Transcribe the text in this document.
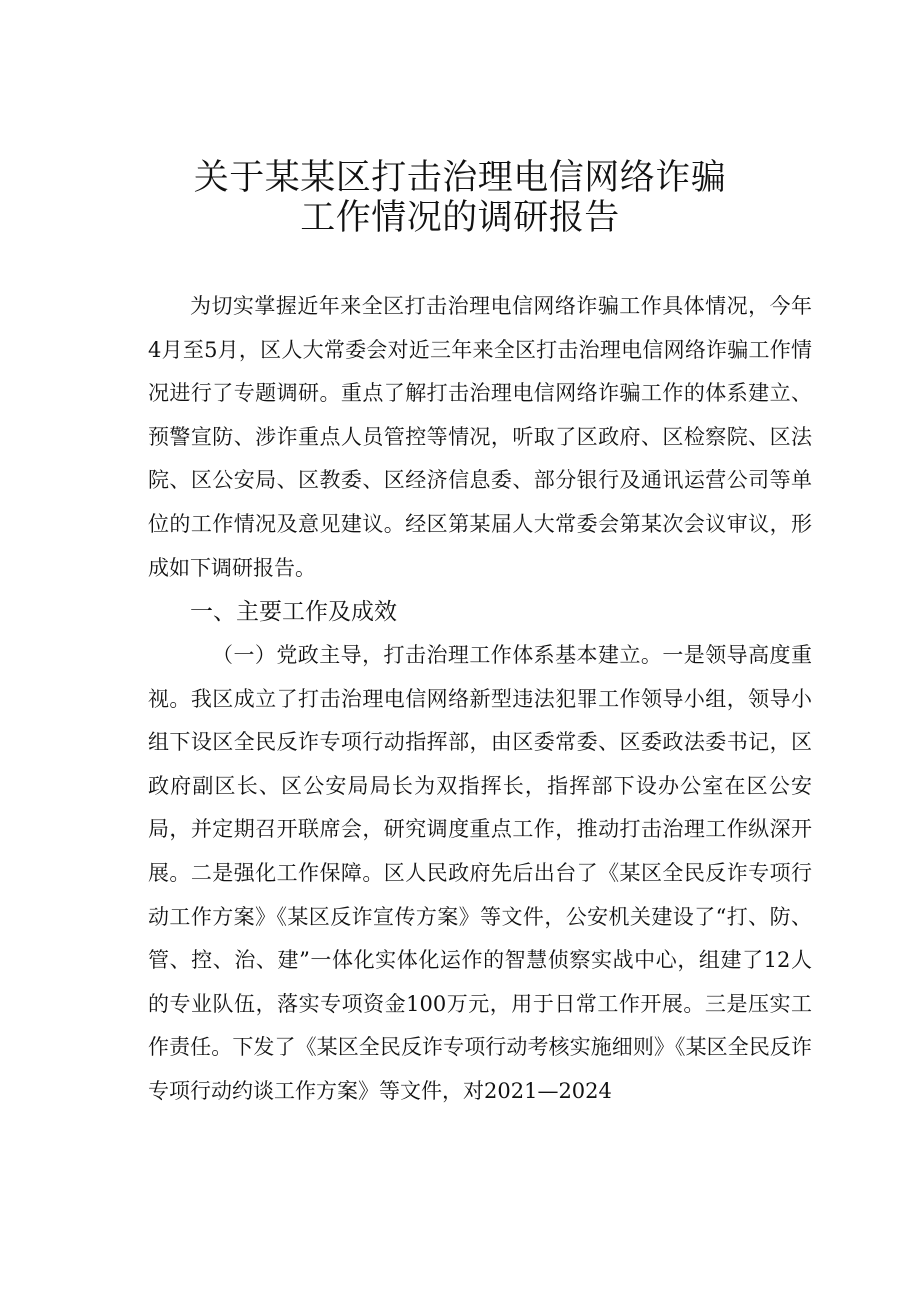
关于某某区打击治理电信网络诈骗
工作情况的调研报告

为切实掌握近年来全区打击治理电信网络诈骗工作具体情况，今年4月至5月，区人大常委会对近三年来全区打击治理电信网络诈骗工作情况进行了专题调研。重点了解打击治理电信网络诈骗工作的体系建立、预警宣防、涉诈重点人员管控等情况，听取了区政府、区检察院、区法院、区公安局、区教委、区经济信息委、部分银行及通讯运营公司等单位的工作情况及意见建议。经区第某届人大常委会第某次会议审议，形成如下调研报告。

一、主要工作及成效

（一）党政主导，打击治理工作体系基本建立。一是领导高度重视。我区成立了打击治理电信网络新型违法犯罪工作领导小组，领导小组下设区全民反诈专项行动指挥部，由区委常委、区委政法委书记，区政府副区长、区公安局局长为双指挥长，指挥部下设办公室在区公安局，并定期召开联席会，研究调度重点工作，推动打击治理工作纵深开展。二是强化工作保障。区人民政府先后出台了《某区全民反诈专项行动工作方案》《某区反诈宣传方案》等文件，公安机关建设了“打、防、管、控、治、建”一体化实体化运作的智慧侦察实战中心，组建了12人的专业队伍，落实专项资金100万元，用于日常工作开展。三是压实工作责任。下发了《某区全民反诈专项行动考核实施细则》《某区全民反诈专项行动约谈工作方案》等文件，对2021—2024
